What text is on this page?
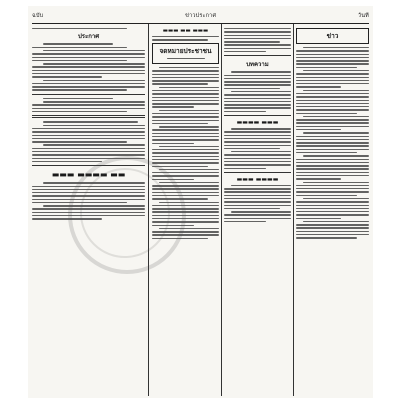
ฉบับ	ข่าวประกาศ	วันที่
ประกาศ
▬▬▬ ▬▬▬▬ ▬▬
▬▬▬ ▬▬ ▬▬▬
จดหมายประชาชน
บทความ
▬▬▬▬ ▬▬▬
▬▬▬ ▬▬▬▬
ข่าว
